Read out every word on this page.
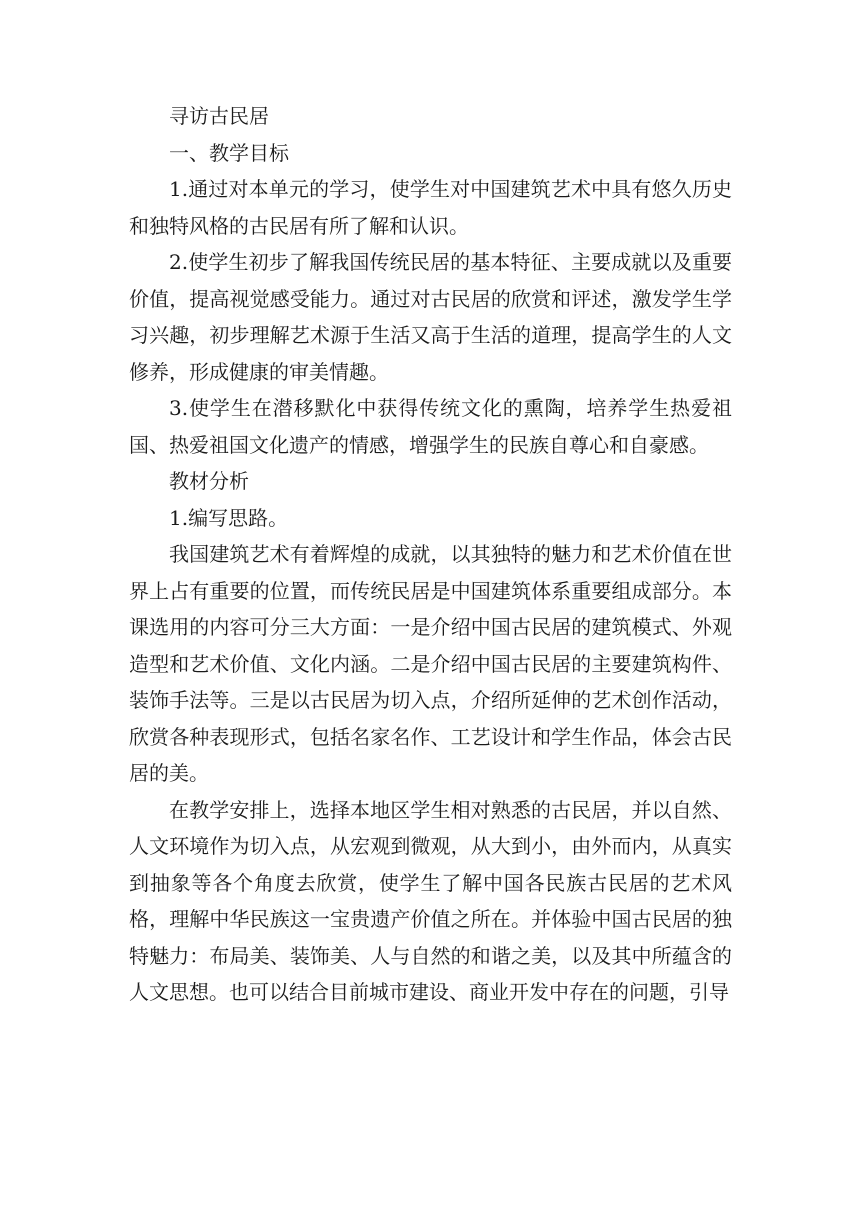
寻访古民居

一、教学目标

1.通过对本单元的学习，使学生对中国建筑艺术中具有悠久历史和独特风格的古民居有所了解和认识。

2.使学生初步了解我国传统民居的基本特征、主要成就以及重要价值，提高视觉感受能力。通过对古民居的欣赏和评述，激发学生学习兴趣，初步理解艺术源于生活又高于生活的道理，提高学生的人文修养，形成健康的审美情趣。

3.使学生在潜移默化中获得传统文化的熏陶，培养学生热爱祖国、热爱祖国文化遗产的情感，增强学生的民族自尊心和自豪感。

教材分析

1.编写思路。

我国建筑艺术有着辉煌的成就，以其独特的魅力和艺术价值在世界上占有重要的位置，而传统民居是中国建筑体系重要组成部分。本课选用的内容可分三大方面：一是介绍中国古民居的建筑模式、外观造型和艺术价值、文化内涵。二是介绍中国古民居的主要建筑构件、装饰手法等。三是以古民居为切入点，介绍所延伸的艺术创作活动，欣赏各种表现形式，包括名家名作、工艺设计和学生作品，体会古民居的美。

在教学安排上，选择本地区学生相对熟悉的古民居，并以自然、人文环境作为切入点，从宏观到微观，从大到小，由外而内，从真实到抽象等各个角度去欣赏，使学生了解中国各民族古民居的艺术风格，理解中华民族这一宝贵遗产价值之所在。并体验中国古民居的独特魅力：布局美、装饰美、人与自然的和谐之美，以及其中所蕴含的人文思想。也可以结合目前城市建设、商业开发中存在的问题，引导
